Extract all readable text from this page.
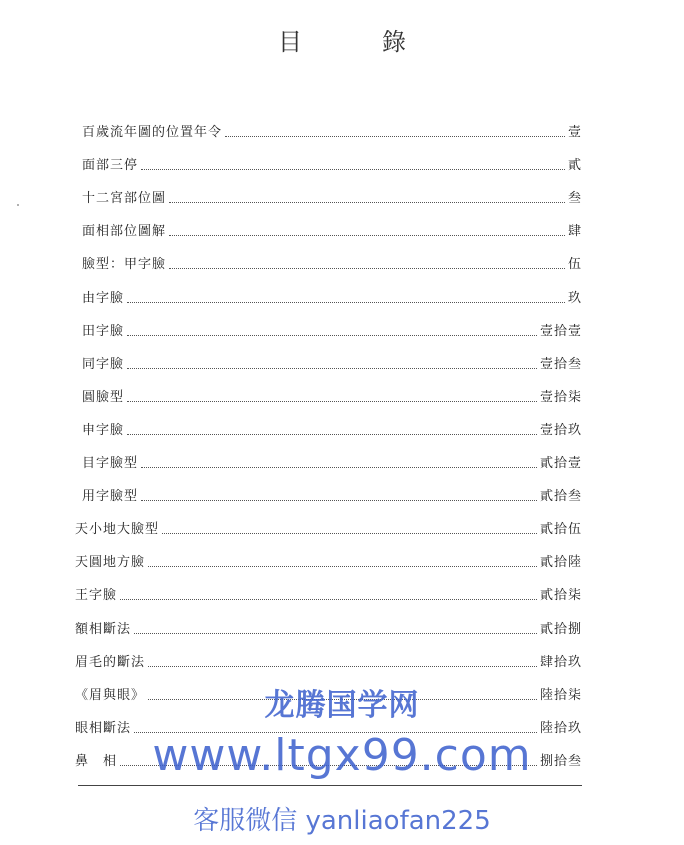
目　錄
百歲流年圖的位置年令	壹
面部三停	貳
十二宮部位圖	叁
面相部位圖解	肆
臉型：甲字臉	伍
由字臉	玖
田字臉	壹拾壹
同字臉	壹拾叁
圓臉型	壹拾柒
申字臉	壹拾玖
目字臉型	貳拾壹
用字臉型	貳拾叁
天小地大臉型	貳拾伍
天圓地方臉	貳拾陸
王字臉	貳拾柒
額相斷法	貳拾捌
眉毛的斷法	肆拾玖
《眉與眼》	陸拾柒
眼相斷法	陸拾玖
鼻　相	捌拾叁
龙腾国学网
www.ltgx99.com
客服微信 yanliaofan225
